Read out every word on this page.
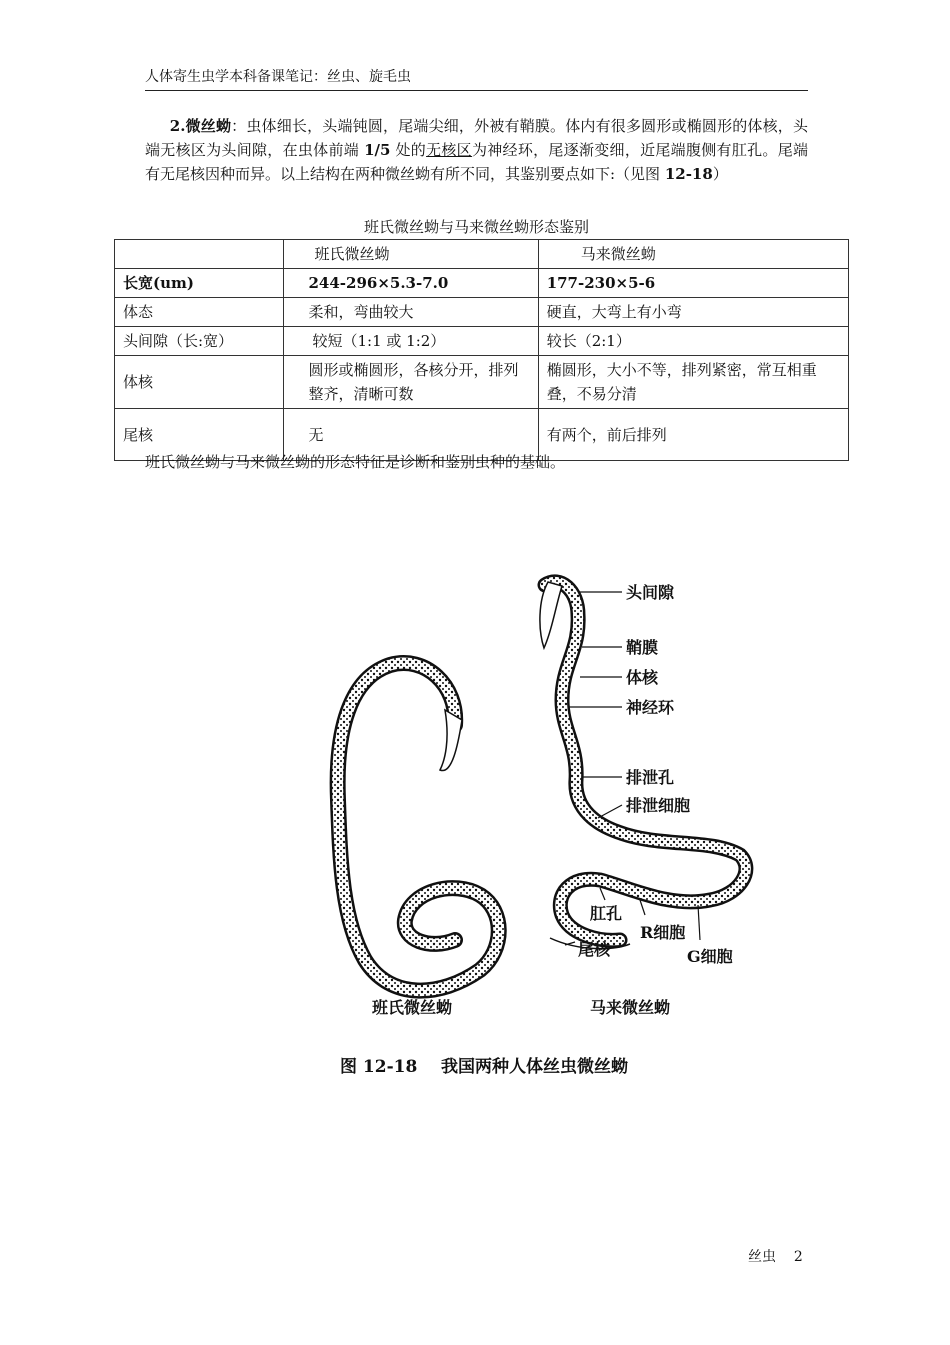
人体寄生虫学本科备课笔记：丝虫、旋毛虫
2.微丝蚴：虫体细长，头端钝圆，尾端尖细，外被有鞘膜。体内有很多圆形或椭圆形的体核，头端无核区为头间隙，在虫体前端 1/5 处的无核区为神经环，尾逐渐变细，近尾端腹侧有肛孔。尾端有无尾核因种而异。以上结构在两种微丝蚴有所不同，其鉴别要点如下:（见图 12-18）
班氏微丝蚴与马来微丝蚴形态鉴别
	班氏微丝蚴	马来微丝蚴
长宽(um)	244-296×5.3-7.0	177-230×5-6
体态	柔和，弯曲较大	硬直，大弯上有小弯
头间隙（长:宽）	较短（1:1 或 1:2）	较长（2:1）
体核	圆形或椭圆形，各核分开，排列整齐，清晰可数	椭圆形，大小不等，排列紧密，常互相重叠，不易分清
尾核	无	有两个，前后排列
班氏微丝蚴与马来微丝蚴的形态特征是诊断和鉴别虫种的基础。
头间隙
鞘膜
体核
神经环
排泄孔
排泄细胞
肛孔
R细胞
尾核	G细胞
班氏微丝蚴	马来微丝蚴
图 12-18    我国两种人体丝虫微丝蚴
丝虫 2
